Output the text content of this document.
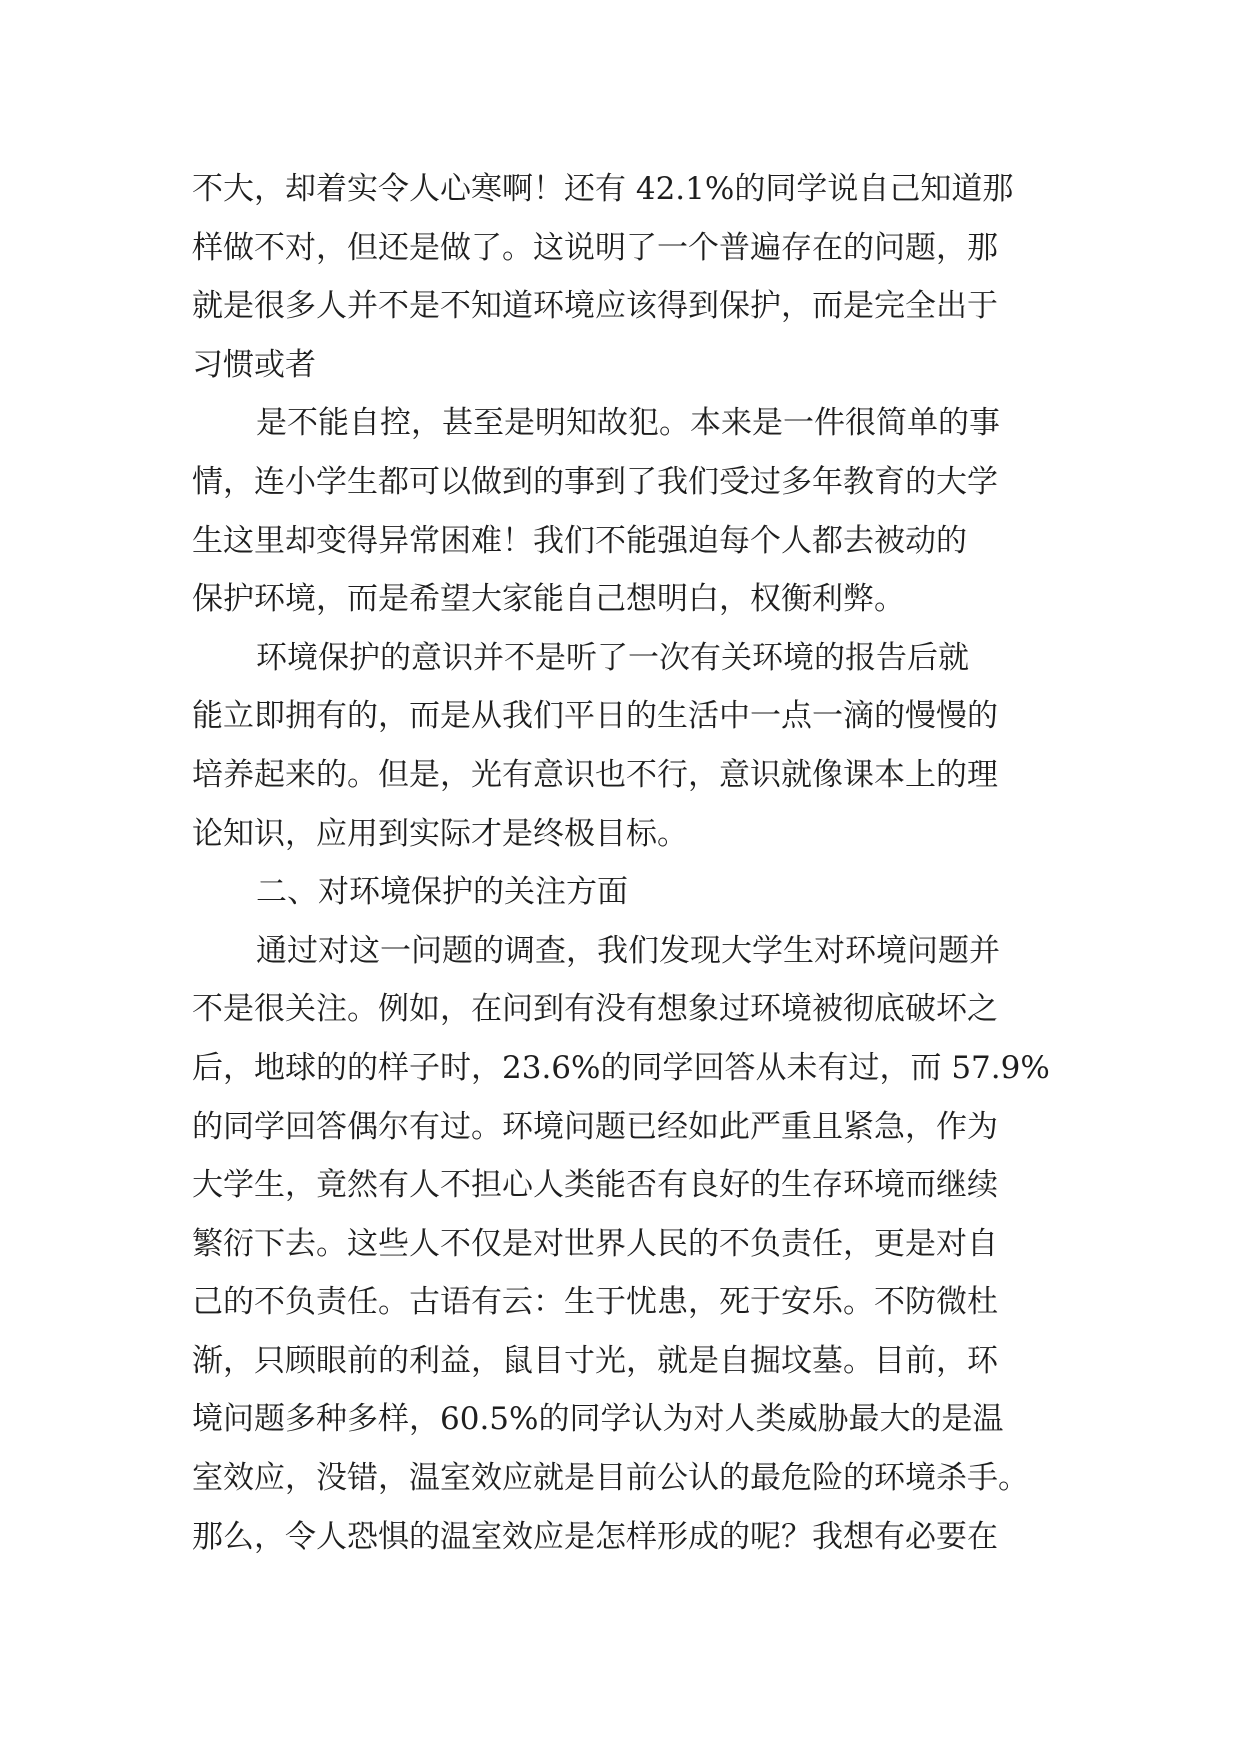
不大，却着实令人心寒啊！还有 42.1%的同学说自己知道那
样做不对，但还是做了。这说明了一个普遍存在的问题，那
就是很多人并不是不知道环境应该得到保护，而是完全出于
习惯或者
是不能自控，甚至是明知故犯。本来是一件很简单的事
情，连小学生都可以做到的事到了我们受过多年教育的大学
生这里却变得异常困难！我们不能强迫每个人都去被动的
保护环境，而是希望大家能自己想明白，权衡利弊。
环境保护的意识并不是听了一次有关环境的报告后就
能立即拥有的，而是从我们平日的生活中一点一滴的慢慢的
培养起来的。但是，光有意识也不行，意识就像课本上的理
论知识，应用到实际才是终极目标。
二、对环境保护的关注方面
通过对这一问题的调查，我们发现大学生对环境问题并
不是很关注。例如，在问到有没有想象过环境被彻底破坏之
后，地球的的样子时，23.6%的同学回答从未有过，而 57.9%
的同学回答偶尔有过。环境问题已经如此严重且紧急，作为
大学生，竟然有人不担心人类能否有良好的生存环境而继续
繁衍下去。这些人不仅是对世界人民的不负责任，更是对自
己的不负责任。古语有云：生于忧患，死于安乐。不防微杜
渐，只顾眼前的利益，鼠目寸光，就是自掘坟墓。目前，环
境问题多种多样，60.5%的同学认为对人类威胁最大的是温
室效应，没错，温室效应就是目前公认的最危险的环境杀手。
那么，令人恐惧的温室效应是怎样形成的呢？我想有必要在
